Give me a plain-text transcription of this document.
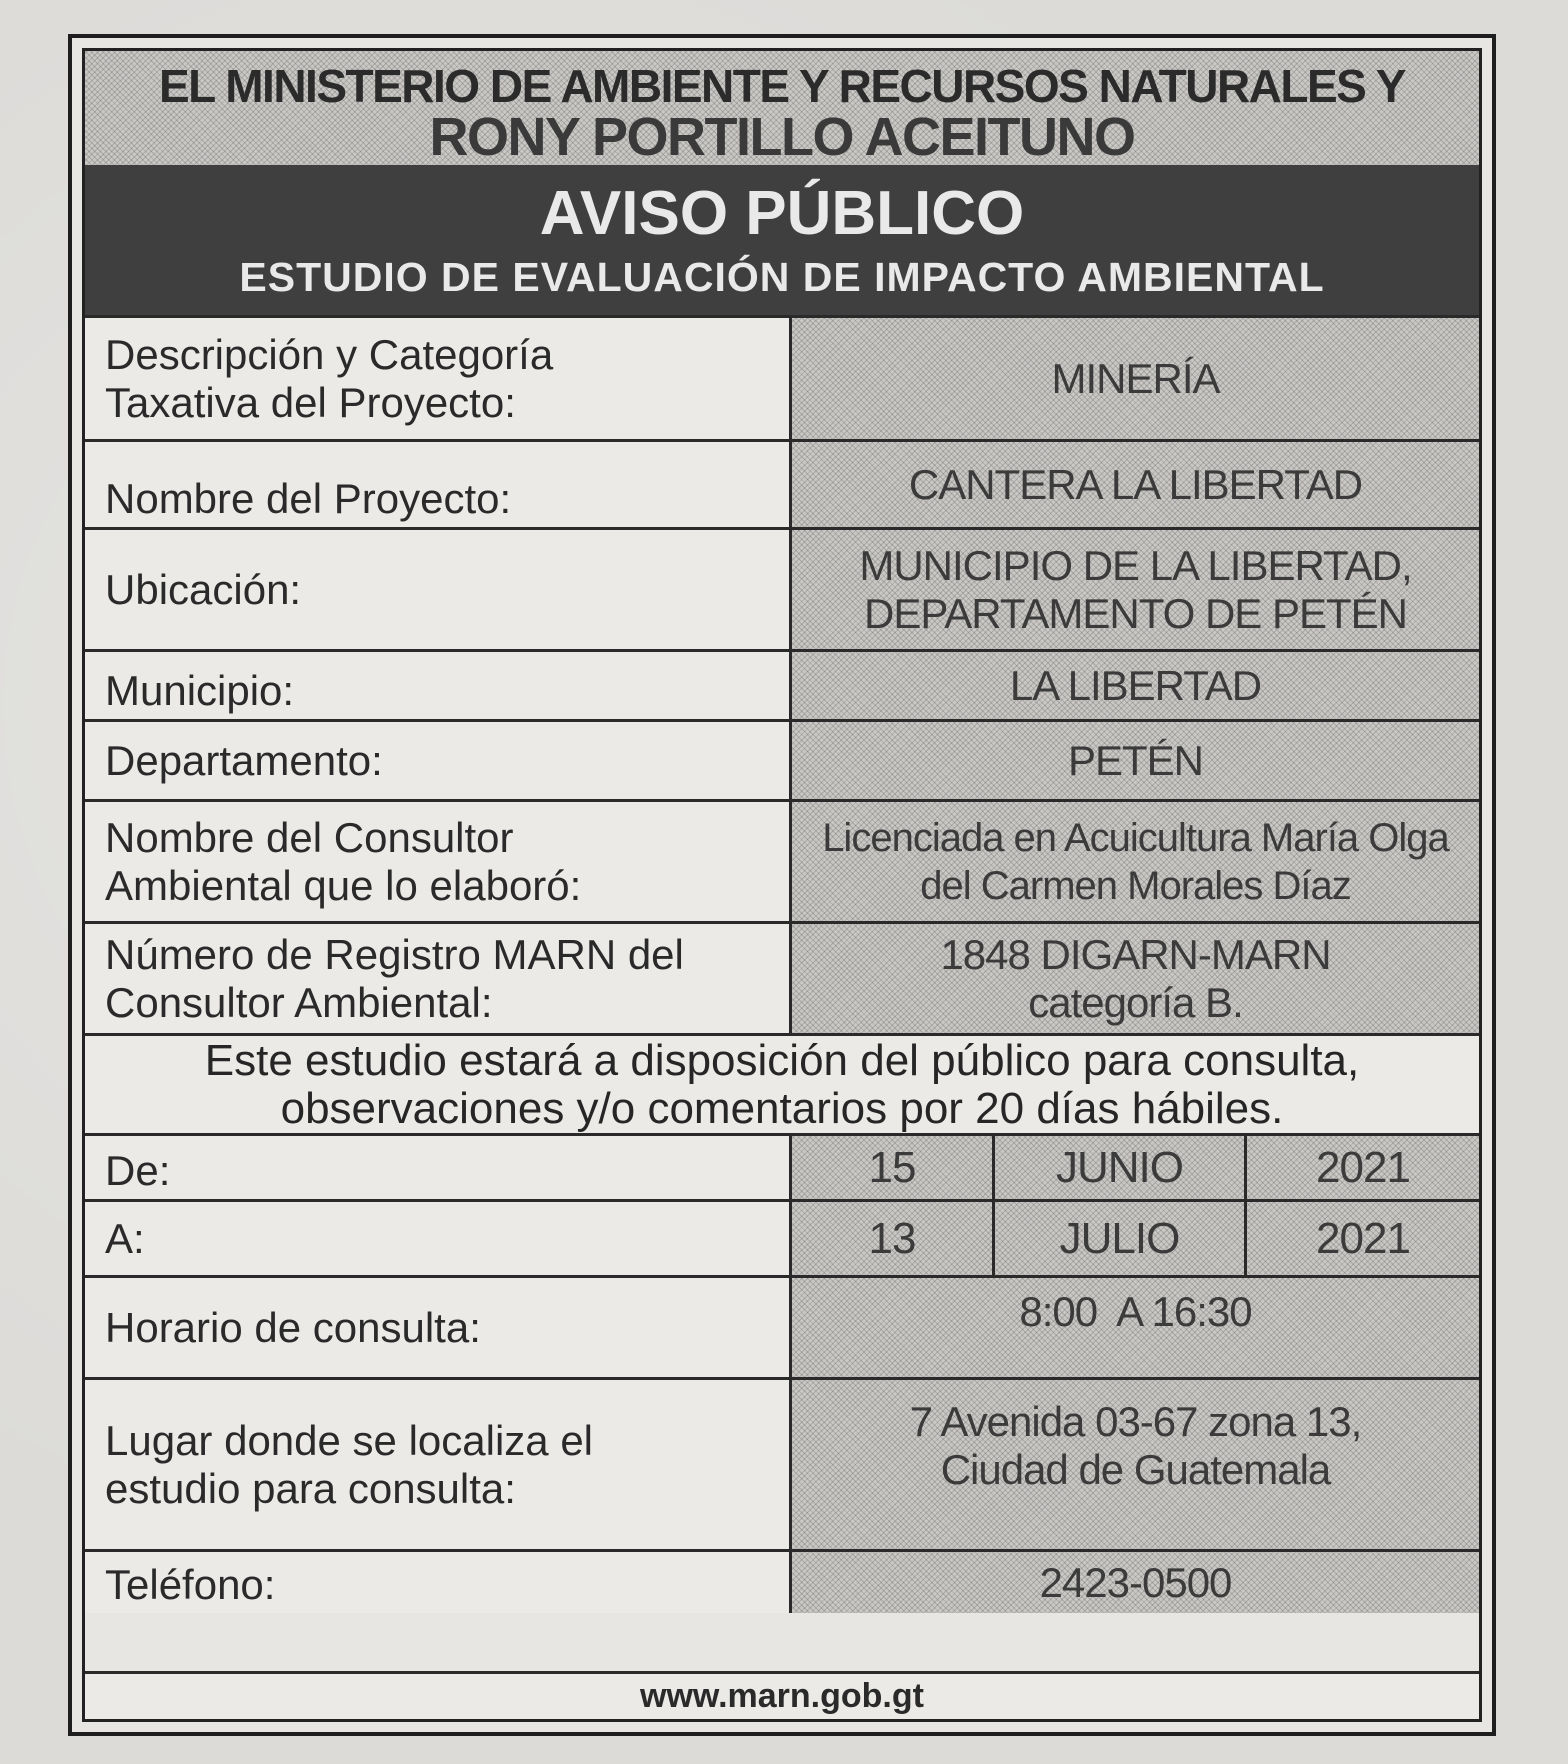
EL MINISTERIO DE AMBIENTE Y RECURSOS NATURALES Y
RONY PORTILLO ACEITUNO
AVISO PÚBLICO
ESTUDIO DE EVALUACIÓN DE IMPACTO AMBIENTAL
Descripción y Categoría Taxativa del Proyecto:
MINERÍA
Nombre del Proyecto:	CANTERA LA LIBERTAD
Ubicación:
MUNICIPIO DE LA LIBERTAD, DEPARTAMENTO DE PETÉN
Municipio:	LA LIBERTAD
Departamento:	PETÉN
Nombre del Consultor Ambiental que lo elaboró:
Licenciada en Acuicultura María Olga del Carmen Morales Díaz
Número de Registro MARN del Consultor Ambiental:
1848 DIGARN-MARN categoría B.
Este estudio estará a disposición del público para consulta, observaciones y/o comentarios por 20 días hábiles.
De:	15	JUNIO	2021
A:	13	JULIO	2021
Horario de consulta:	8:00  A 16:30
Lugar donde se localiza el estudio para consulta:
7 Avenida 03-67 zona 13, Ciudad de Guatemala
Teléfono:	2423-0500
www.marn.gob.gt
